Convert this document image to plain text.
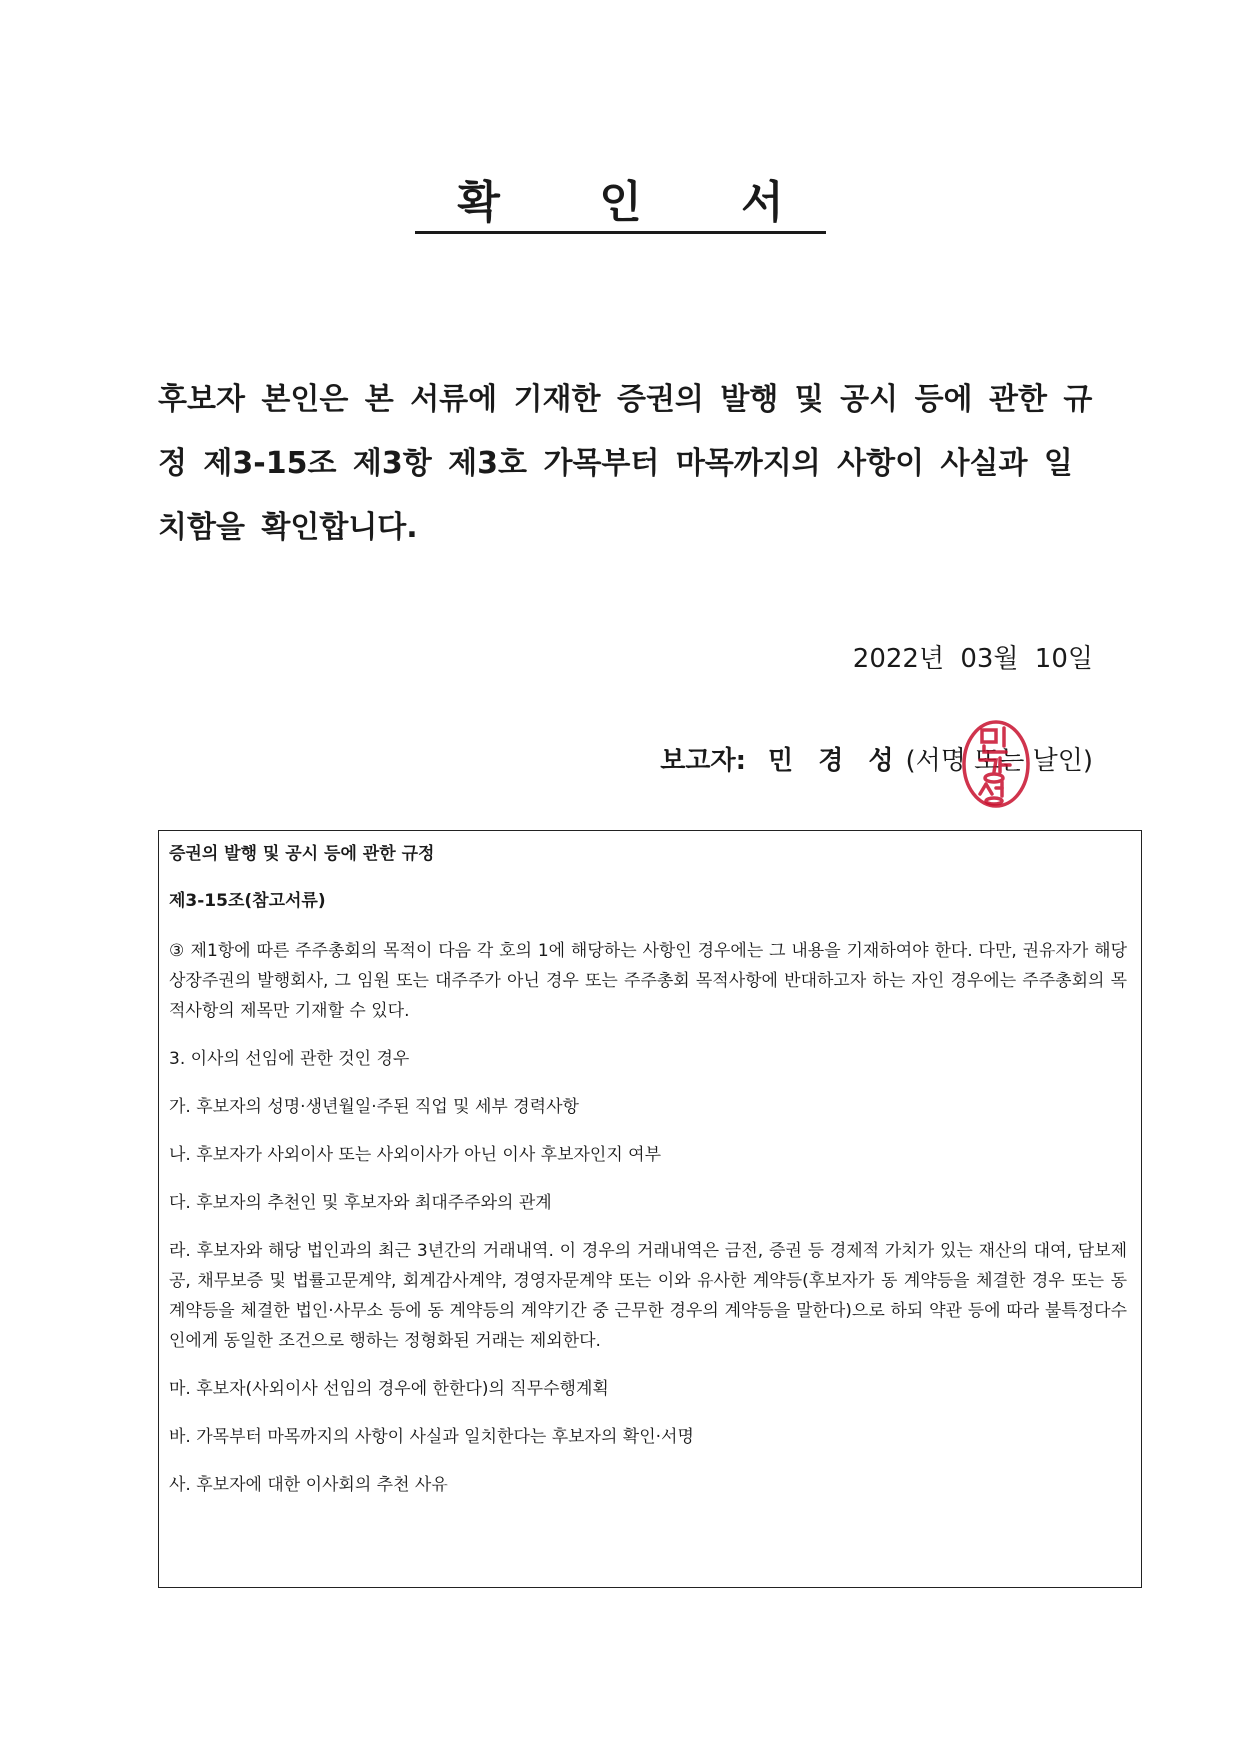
확 인 서
후보자 본인은 본 서류에 기재한 증권의 발행 및 공시 등에 관한 규
정 제3-15조 제3항 제3호 가목부터 마목까지의 사항이 사실과 일
치함을 확인합니다.
2022년 03월 10일
보고자: 민 경 성 (서명 또는 날인)

증권의 발행 및 공시 등에 관한 규정

제3-15조(참고서류)

③ 제1항에 따른 주주총회의 목적이 다음 각 호의 1에 해당하는 사항인 경우에는 그 내용을 기재하여야 한다. 다만, 권유자가 해당 상장주권의 발행회사, 그 임원 또는 대주주가 아닌 경우 또는 주주총회 목적사항에 반대하고자 하는 자인 경우에는 주주총회의 목적사항의 제목만 기재할 수 있다.

3. 이사의 선임에 관한 것인 경우

가. 후보자의 성명·생년월일·주된 직업 및 세부 경력사항

나. 후보자가 사외이사 또는 사외이사가 아닌 이사 후보자인지 여부

다. 후보자의 추천인 및 후보자와 최대주주와의 관계

라. 후보자와 해당 법인과의 최근 3년간의 거래내역. 이 경우의 거래내역은 금전, 증권 등 경제적 가치가 있는 재산의 대여, 담보제공, 채무보증 및 법률고문계약, 회계감사계약, 경영자문계약 또는 이와 유사한 계약등(후보자가 동 계약등을 체결한 경우 또는 동 계약등을 체결한 법인·사무소 등에 동 계약등의 계약기간 중 근무한 경우의 계약등을 말한다)으로 하되 약관 등에 따라 불특정다수인에게 동일한 조건으로 행하는 정형화된 거래는 제외한다.

마. 후보자(사외이사 선임의 경우에 한한다)의 직무수행계획

바. 가목부터 마목까지의 사항이 사실과 일치한다는 후보자의 확인·서명

사. 후보자에 대한 이사회의 추천 사유
